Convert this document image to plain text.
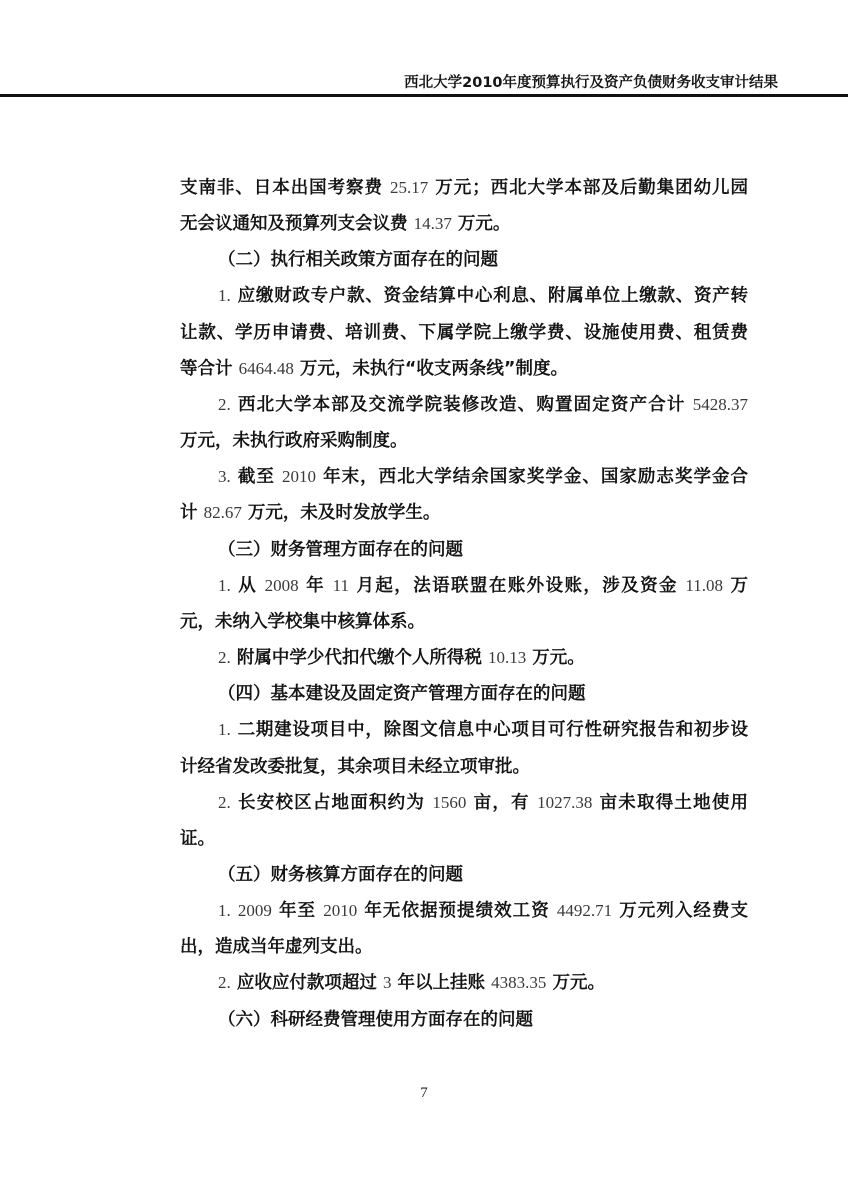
西北大学2010年度预算执行及资产负债财务收支审计结果
支南非、日本出国考察费 25.17 万元；西北大学本部及后勤集团幼儿园
无会议通知及预算列支会议费 14.37 万元。
（二）执行相关政策方面存在的问题
1. 应缴财政专户款、资金结算中心利息、附属单位上缴款、资产转
让款、学历申请费、培训费、下属学院上缴学费、设施使用费、租赁费
等合计 6464.48 万元，未执行“收支两条线”制度。
2. 西北大学本部及交流学院装修改造、购置固定资产合计 5428.37
万元，未执行政府采购制度。
3. 截至 2010 年末，西北大学结余国家奖学金、国家励志奖学金合
计 82.67 万元，未及时发放学生。
（三）财务管理方面存在的问题
1. 从 2008 年 11 月起，法语联盟在账外设账，涉及资金 11.08 万
元，未纳入学校集中核算体系。
2. 附属中学少代扣代缴个人所得税 10.13 万元。
（四）基本建设及固定资产管理方面存在的问题
1. 二期建设项目中，除图文信息中心项目可行性研究报告和初步设
计经省发改委批复，其余项目未经立项审批。
2. 长安校区占地面积约为 1560 亩，有 1027.38 亩未取得土地使用
证。
（五）财务核算方面存在的问题
1. 2009 年至 2010 年无依据预提绩效工资 4492.71 万元列入经费支
出，造成当年虚列支出。
2. 应收应付款项超过 3 年以上挂账 4383.35 万元。
（六）科研经费管理使用方面存在的问题
7
